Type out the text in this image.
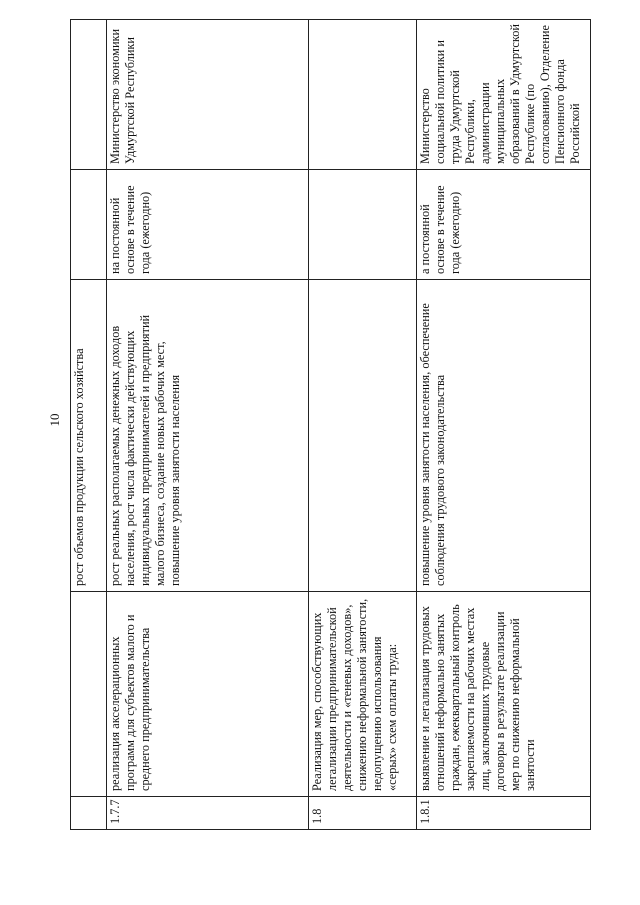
10
		рост объемов продукции сельского хозяйства		
1.7.7	реализация акселерационных программ для субъектов малого и среднего предпринимательства	рост реальных располагаемых денежных доходов населения, рост числа фактически действующих индивидуальных предпринимателей и предприятий малого бизнеса, создание новых рабочих мест, повышение уровня занятости населения	на постоянной основе в течение года (ежегодно)	Министерство экономики Удмуртской Республики
1.8	Реализация мер, способствующих легализации предпринимательской деятельности и «теневых доходов», снижению неформальной занятости, недопущению использования «серых» схем оплаты труда:			
1.8.1	выявление и легализация трудовых отношений неформально занятых граждан, ежеквартальный контроль закрепляемости на рабочих местах лиц, заключивших трудовые договоры в результате реализации мер по снижению неформальной занятости	повышение уровня занятости населения, обеспечение соблюдения трудового законодательства	а постоянной основе в течение года (ежегодно)	Министерство социальной политики и труда Удмуртской Республики, администрации муниципальных образований в Удмуртской Республике (по согласованию), Отделение Пенсионного фонда Российской
